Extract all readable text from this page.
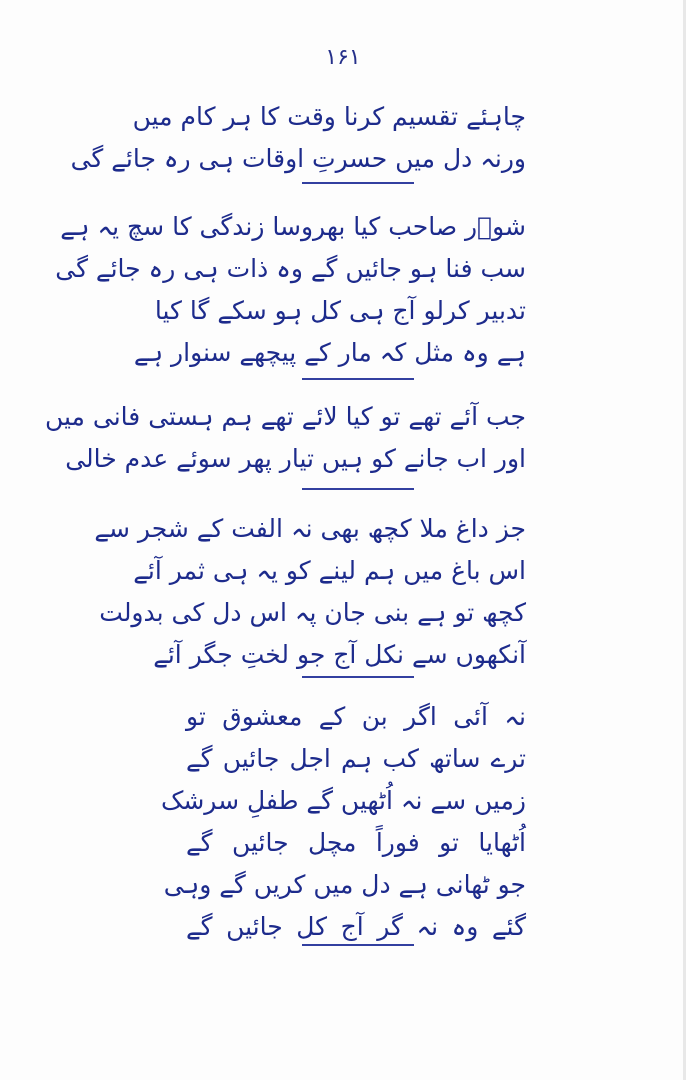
۱۶۱
چاہئے تقسیم کرنا وقت کا ہر کام میں
ورنہ دل میں حسرتِ اوقات ہی رہ جائے گی
شوؔر صاحب کیا بھروسا زندگی کا سچ یہ ہے
سب فنا ہو جائیں گے وہ ذات ہی رہ جائے گی
تدبیر کرلو آج ہی کل ہو سکے گا کیا
ہے وہ مثل کہ مار کے پیچھے سنوار ہے
جب آئے تھے تو کیا لائے تھے ہم ہستی فانی میں
اور اب جانے کو ہیں تیار پھر سوئے عدم خالی
جز داغ ملا کچھ بھی نہ الفت کے شجر سے
اس باغ میں ہم لینے کو یہ ہی ثمر آئے
کچھ تو ہے بنی جان پہ اس دل کی بدولت
آنکھوں سے نکل آج جو لختِ جگر آئے
نہ آئی اگر بن کے معشوق تو
ترے ساتھ کب ہم اجل جائیں گے
زمیں سے نہ اُٹھیں گے طفلِ سرشک
اُٹھایا تو فوراً مچل جائیں گے
جو ٹھانی ہے دل میں کریں گے وہی
گئے وہ نہ گر آج کل جائیں گے
